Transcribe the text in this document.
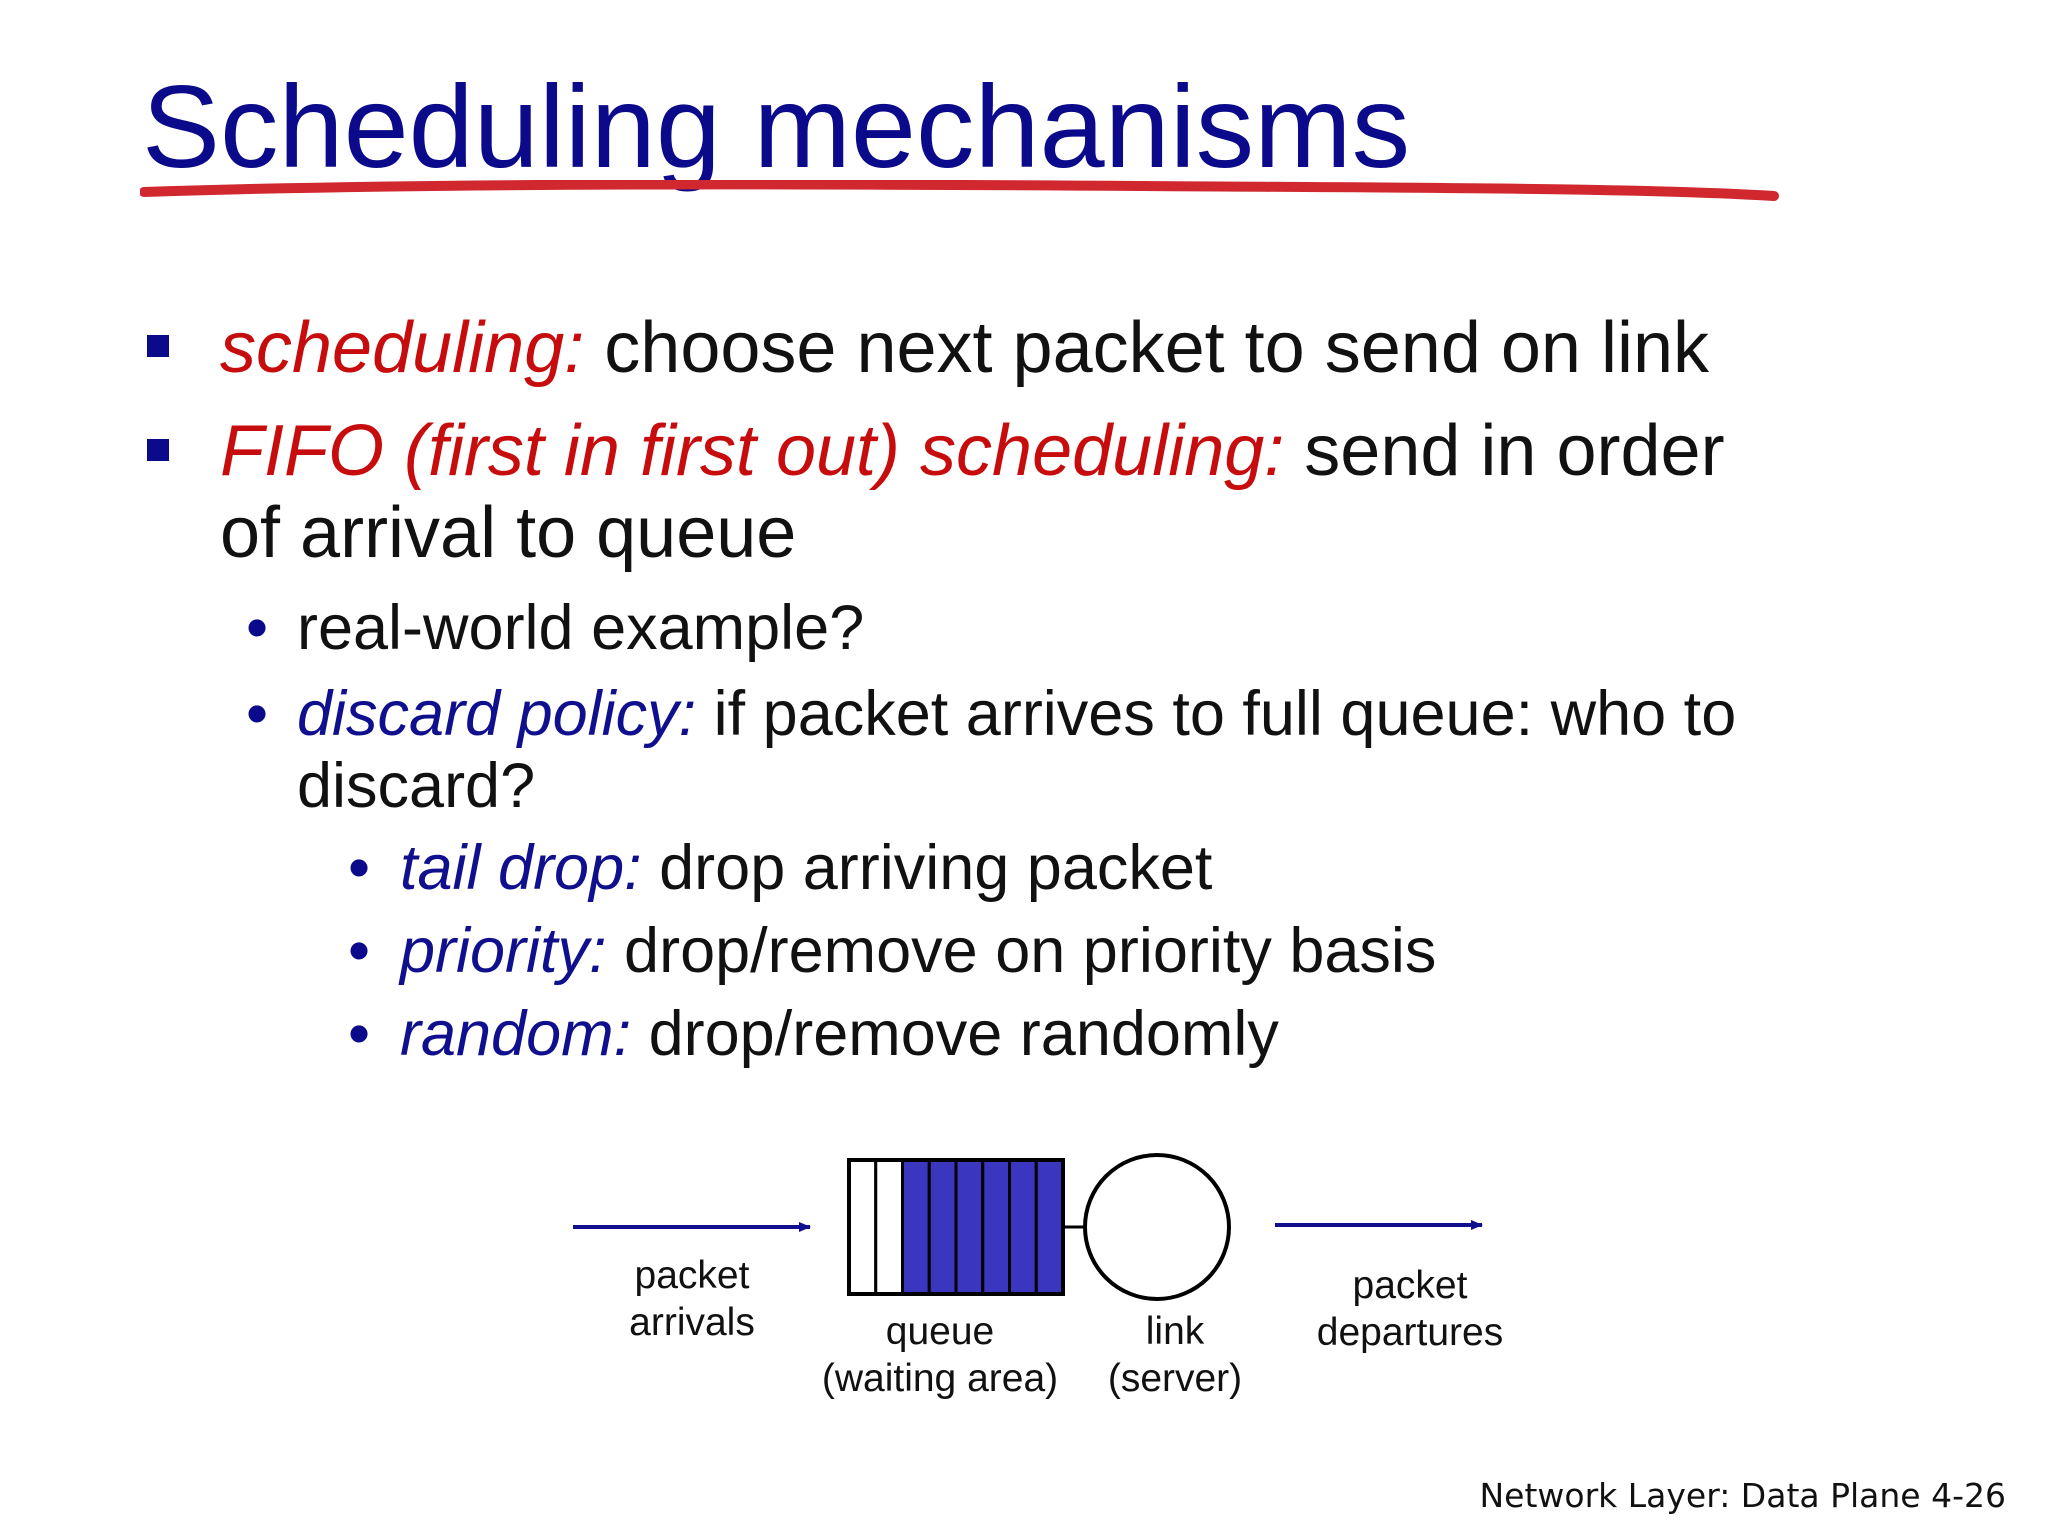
Scheduling mechanisms
scheduling: choose next packet to send on link
FIFO (first in first out) scheduling: send in order
of arrival to queue
• real-world example?
• discard policy: if packet arrives to full queue: who to
discard?
• tail drop: drop arriving packet
• priority: drop/remove on priority basis
• random: drop/remove randomly
packet
arrivals	queue
(waiting area)
link
(server)
packet
departures
Network Layer: Data Plane 4-26
